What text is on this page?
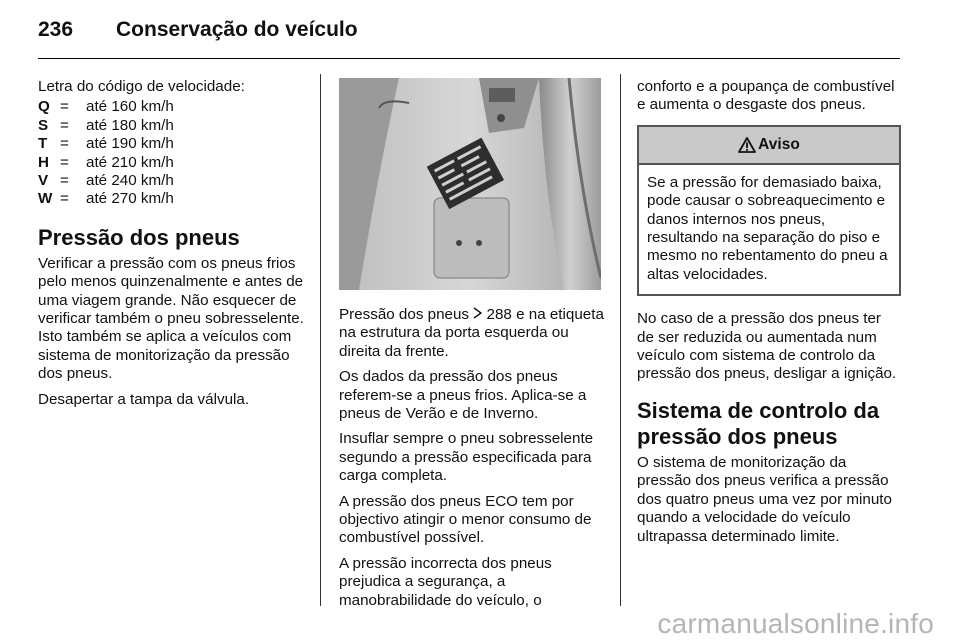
236	Conservação do veículo
Letra do código de velocidade:
Q	=	até 160 km/h
S	=	até 180 km/h
T	=	até 190 km/h
H	=	até 210 km/h
V	=	até 240 km/h
W	=	até 270 km/h
Pressão dos pneus

Verificar a pressão com os pneus frios pelo menos quinzenalmente e antes de uma viagem grande. Não esquecer de verificar também o pneu sobresselente. Isto também se aplica a veículos com sistema de monitorização da pressão dos pneus.

Desapertar a tampa da válvula.

Pressão dos pneus 288 e na etiqueta na estrutura da porta esquerda ou direita da frente.

Os dados da pressão dos pneus referem-se a pneus frios. Aplica-se a pneus de Verão e de Inverno.

Insuflar sempre o pneu sobresselente segundo a pressão especificada para carga completa.

A pressão dos pneus ECO tem por objectivo atingir o menor consumo de combustível possível.

A pressão incorrecta dos pneus prejudica a segurança, a manobrabilidade do veículo, o

conforto e a poupança de combustível e aumenta o desgaste dos pneus.

Aviso
Se a pressão for demasiado baixa, pode causar o sobreaquecimento e danos internos nos pneus, resultando na separação do piso e mesmo no rebentamento do pneu a altas velocidades.

No caso de a pressão dos pneus ter de ser reduzida ou aumentada num veículo com sistema de controlo da pressão dos pneus, desligar a ignição.

Sistema de controlo da pressão dos pneus

O sistema de monitorização da pressão dos pneus verifica a pressão dos quatro pneus uma vez por minuto quando a velocidade do veículo ultrapassa determinado limite.

carmanualsonline.info
